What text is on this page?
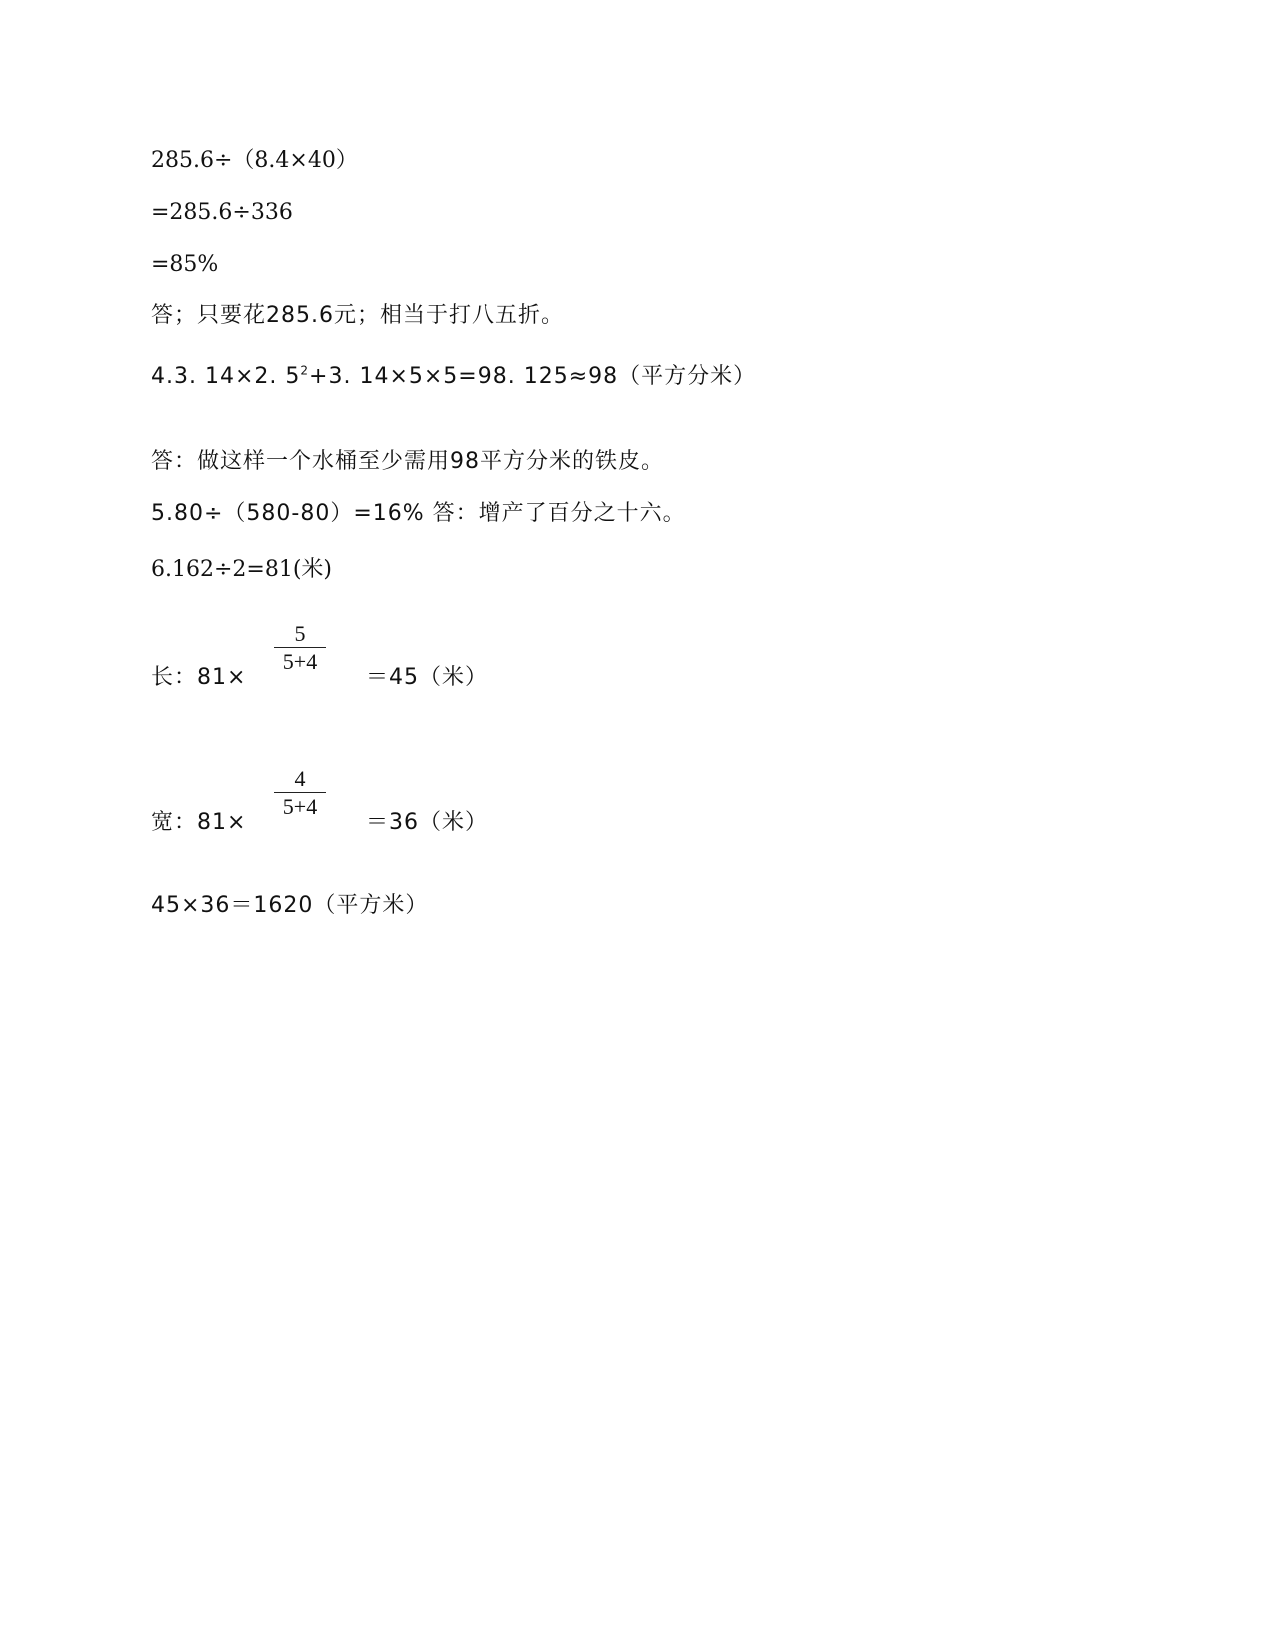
285.6÷（8.4×40）
=285.6÷336
=85%
答；只要花285.6元；相当于打八五折。
4.3. 14×2. $5^2+3$. 14×5×5=98. 125≈98（平方分米）
答：做这样一个水桶至少需用98平方分米的铁皮。
5.80÷（580-80）=16% 答：增产了百分之十六。
6.162÷2=81(米)
长：81×
5
5+4
＝45（米）
宽：81×
4
5+4
＝36（米）
45×36＝1620（平方米）
